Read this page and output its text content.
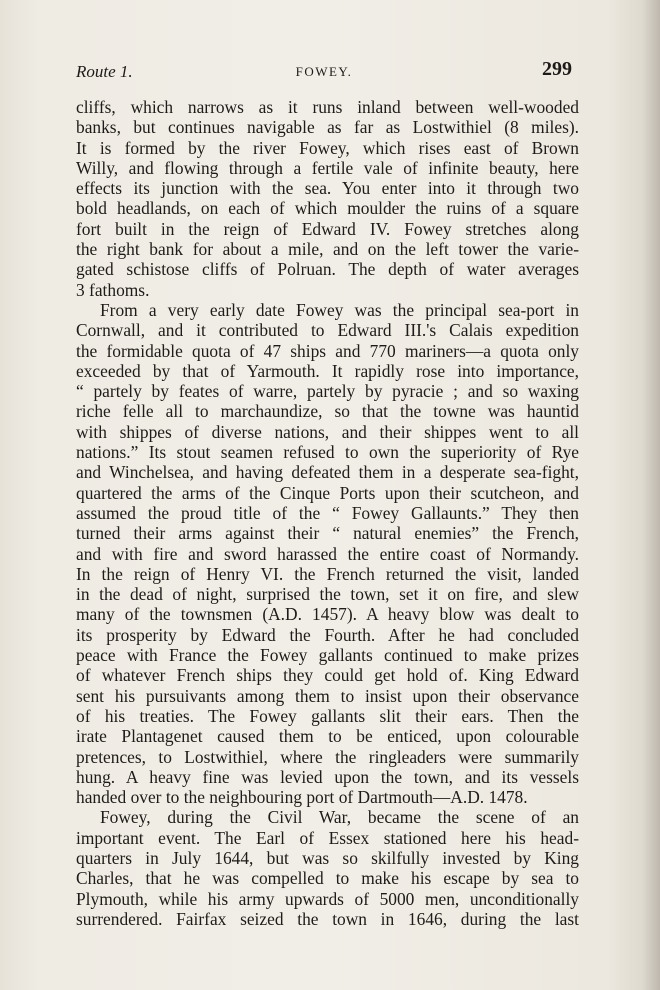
Route 1.	FOWEY.	299
cliffs, which narrows as it runs inland between well-wooded
banks, but continues navigable as far as Lostwithiel (8 miles).
It is formed by the river Fowey, which rises east of Brown
Willy, and flowing through a fertile vale of infinite beauty, here
effects its junction with the sea. You enter into it through two
bold headlands, on each of which moulder the ruins of a square
fort built in the reign of Edward IV. Fowey stretches along
the right bank for about a mile, and on the left tower the varie-
gated schistose cliffs of Polruan. The depth of water averages
3 fathoms.
From a very early date Fowey was the principal sea-port in
Cornwall, and it contributed to Edward III.'s Calais expedition
the formidable quota of 47 ships and 770 mariners—a quota only
exceeded by that of Yarmouth. It rapidly rose into importance,
“ partely by feates of warre, partely by pyracie ; and so waxing
riche felle all to marchaundize, so that the towne was hauntid
with shippes of diverse nations, and their shippes went to all
nations.” Its stout seamen refused to own the superiority of Rye
and Winchelsea, and having defeated them in a desperate sea-fight,
quartered the arms of the Cinque Ports upon their scutcheon, and
assumed the proud title of the “ Fowey Gallaunts.” They then
turned their arms against their “ natural enemies” the French,
and with fire and sword harassed the entire coast of Normandy.
In the reign of Henry VI. the French returned the visit, landed
in the dead of night, surprised the town, set it on fire, and slew
many of the townsmen (A.D. 1457). A heavy blow was dealt to
its prosperity by Edward the Fourth. After he had concluded
peace with France the Fowey gallants continued to make prizes
of whatever French ships they could get hold of. King Edward
sent his pursuivants among them to insist upon their observance
of his treaties. The Fowey gallants slit their ears. Then the
irate Plantagenet caused them to be enticed, upon colourable
pretences, to Lostwithiel, where the ringleaders were summarily
hung. A heavy fine was levied upon the town, and its vessels
handed over to the neighbouring port of Dartmouth—A.D. 1478.
Fowey, during the Civil War, became the scene of an
important event. The Earl of Essex stationed here his head-
quarters in July 1644, but was so skilfully invested by King
Charles, that he was compelled to make his escape by sea to
Plymouth, while his army upwards of 5000 men, unconditionally
surrendered. Fairfax seized the town in 1646, during the last
